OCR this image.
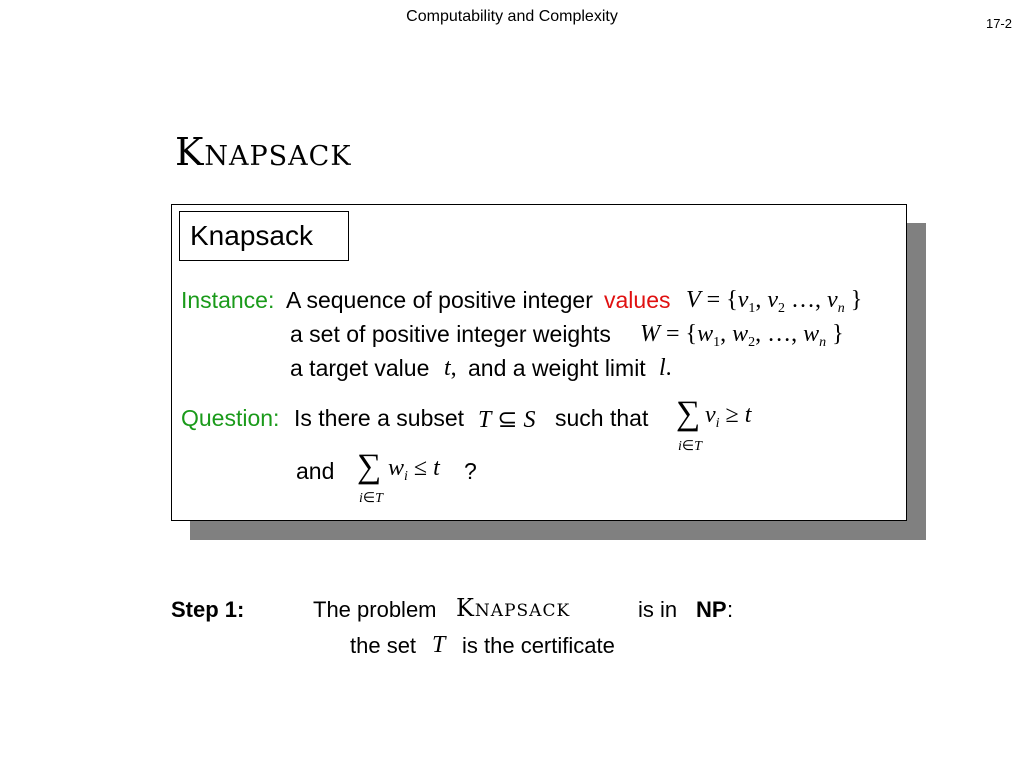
Computability and Complexity	17-2
Knapsack
Knapsack
Instance: A sequence of positive integer values $V = \{v_1$, $v_2$ …, $v_n$ }
a set of positive integer weights $W = \{w_1$, $w_2$, …, $w_n$ }
a target value t, and a weight limit l.
Question: Is there a subset T ⊆ S such that ∑ $v_i \ge t$
i∈T
and ∑ $w_i \le t$
i∈T
?
Step 1:	The problem Knapsack	is in NP :
the set T is the certificate
